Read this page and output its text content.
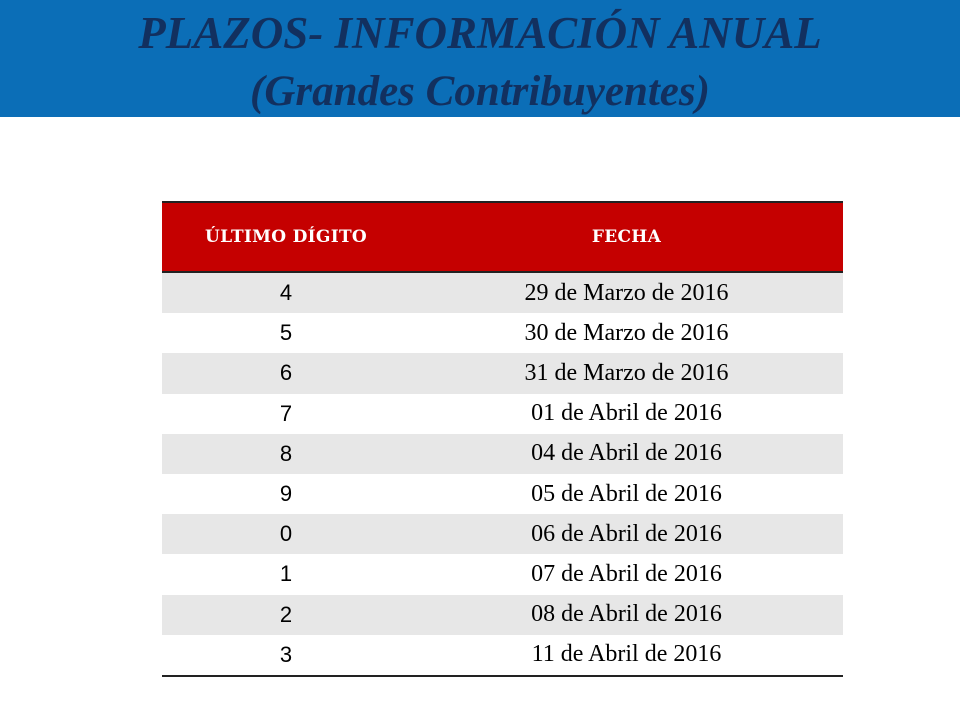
PLAZOS- INFORMACIÓN ANUAL
(Grandes Contribuyentes)
ÚLTIMO DÍGITO	FECHA
4	29 de Marzo de 2016
5	30 de Marzo de 2016
6	31 de Marzo de 2016
7	01 de Abril de 2016
8	04 de Abril de 2016
9	05 de Abril de 2016
0	06 de Abril de 2016
1	07 de Abril de 2016
2	08 de Abril de 2016
3	11 de Abril de 2016
